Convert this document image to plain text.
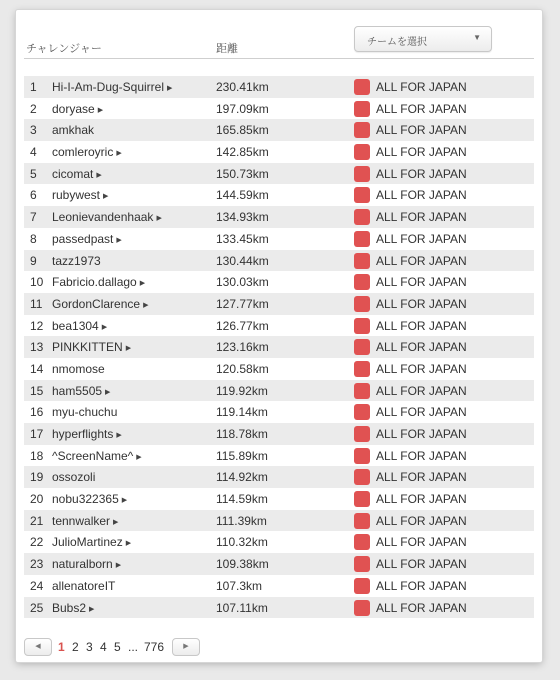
チャレンジャー	距離
チームを選択	▼
1	Hi-I-Am-Dug-Squirrel ▶	230.41km	ALL FOR JAPAN
2	doryase ▶	197.09km	ALL FOR JAPAN
3	amkhak	165.85km	ALL FOR JAPAN
4	comleroyric ▶	142.85km	ALL FOR JAPAN
5	cicomat ▶	150.73km	ALL FOR JAPAN
6	rubywest ▶	144.59km	ALL FOR JAPAN
7	Leonievandenhaak ▶	134.93km	ALL FOR JAPAN
8	passedpast ▶	133.45km	ALL FOR JAPAN
9	tazz1973	130.44km	ALL FOR JAPAN
10 Fabricio.dallago ▶	130.03km	ALL FOR JAPAN
11 GordonClarence ▶	127.77km	ALL FOR JAPAN
12 bea1304 ▶	126.77km	ALL FOR JAPAN
13 PINKKITTEN ▶	123.16km	ALL FOR JAPAN
14 nmomose	120.58km	ALL FOR JAPAN
15 ham5505 ▶	119.92km	ALL FOR JAPAN
16 myu-chuchu	119.14km	ALL FOR JAPAN
17 hyperflights ▶	118.78km	ALL FOR JAPAN
18 ^ScreenName^ ▶	115.89km	ALL FOR JAPAN
19 ossozoli	114.92km	ALL FOR JAPAN
20 nobu322365 ▶	114.59km	ALL FOR JAPAN
21 tennwalker ▶	111.39km	ALL FOR JAPAN
22 JulioMartinez ▶	110.32km	ALL FOR JAPAN
23 naturalborn ▶	109.38km	ALL FOR JAPAN
24 allenatoreIT	107.3km	ALL FOR JAPAN
25 Bubs2 ▶	107.11km	ALL FOR JAPAN
◀	1 2 3 4 5 ... 776	▶
